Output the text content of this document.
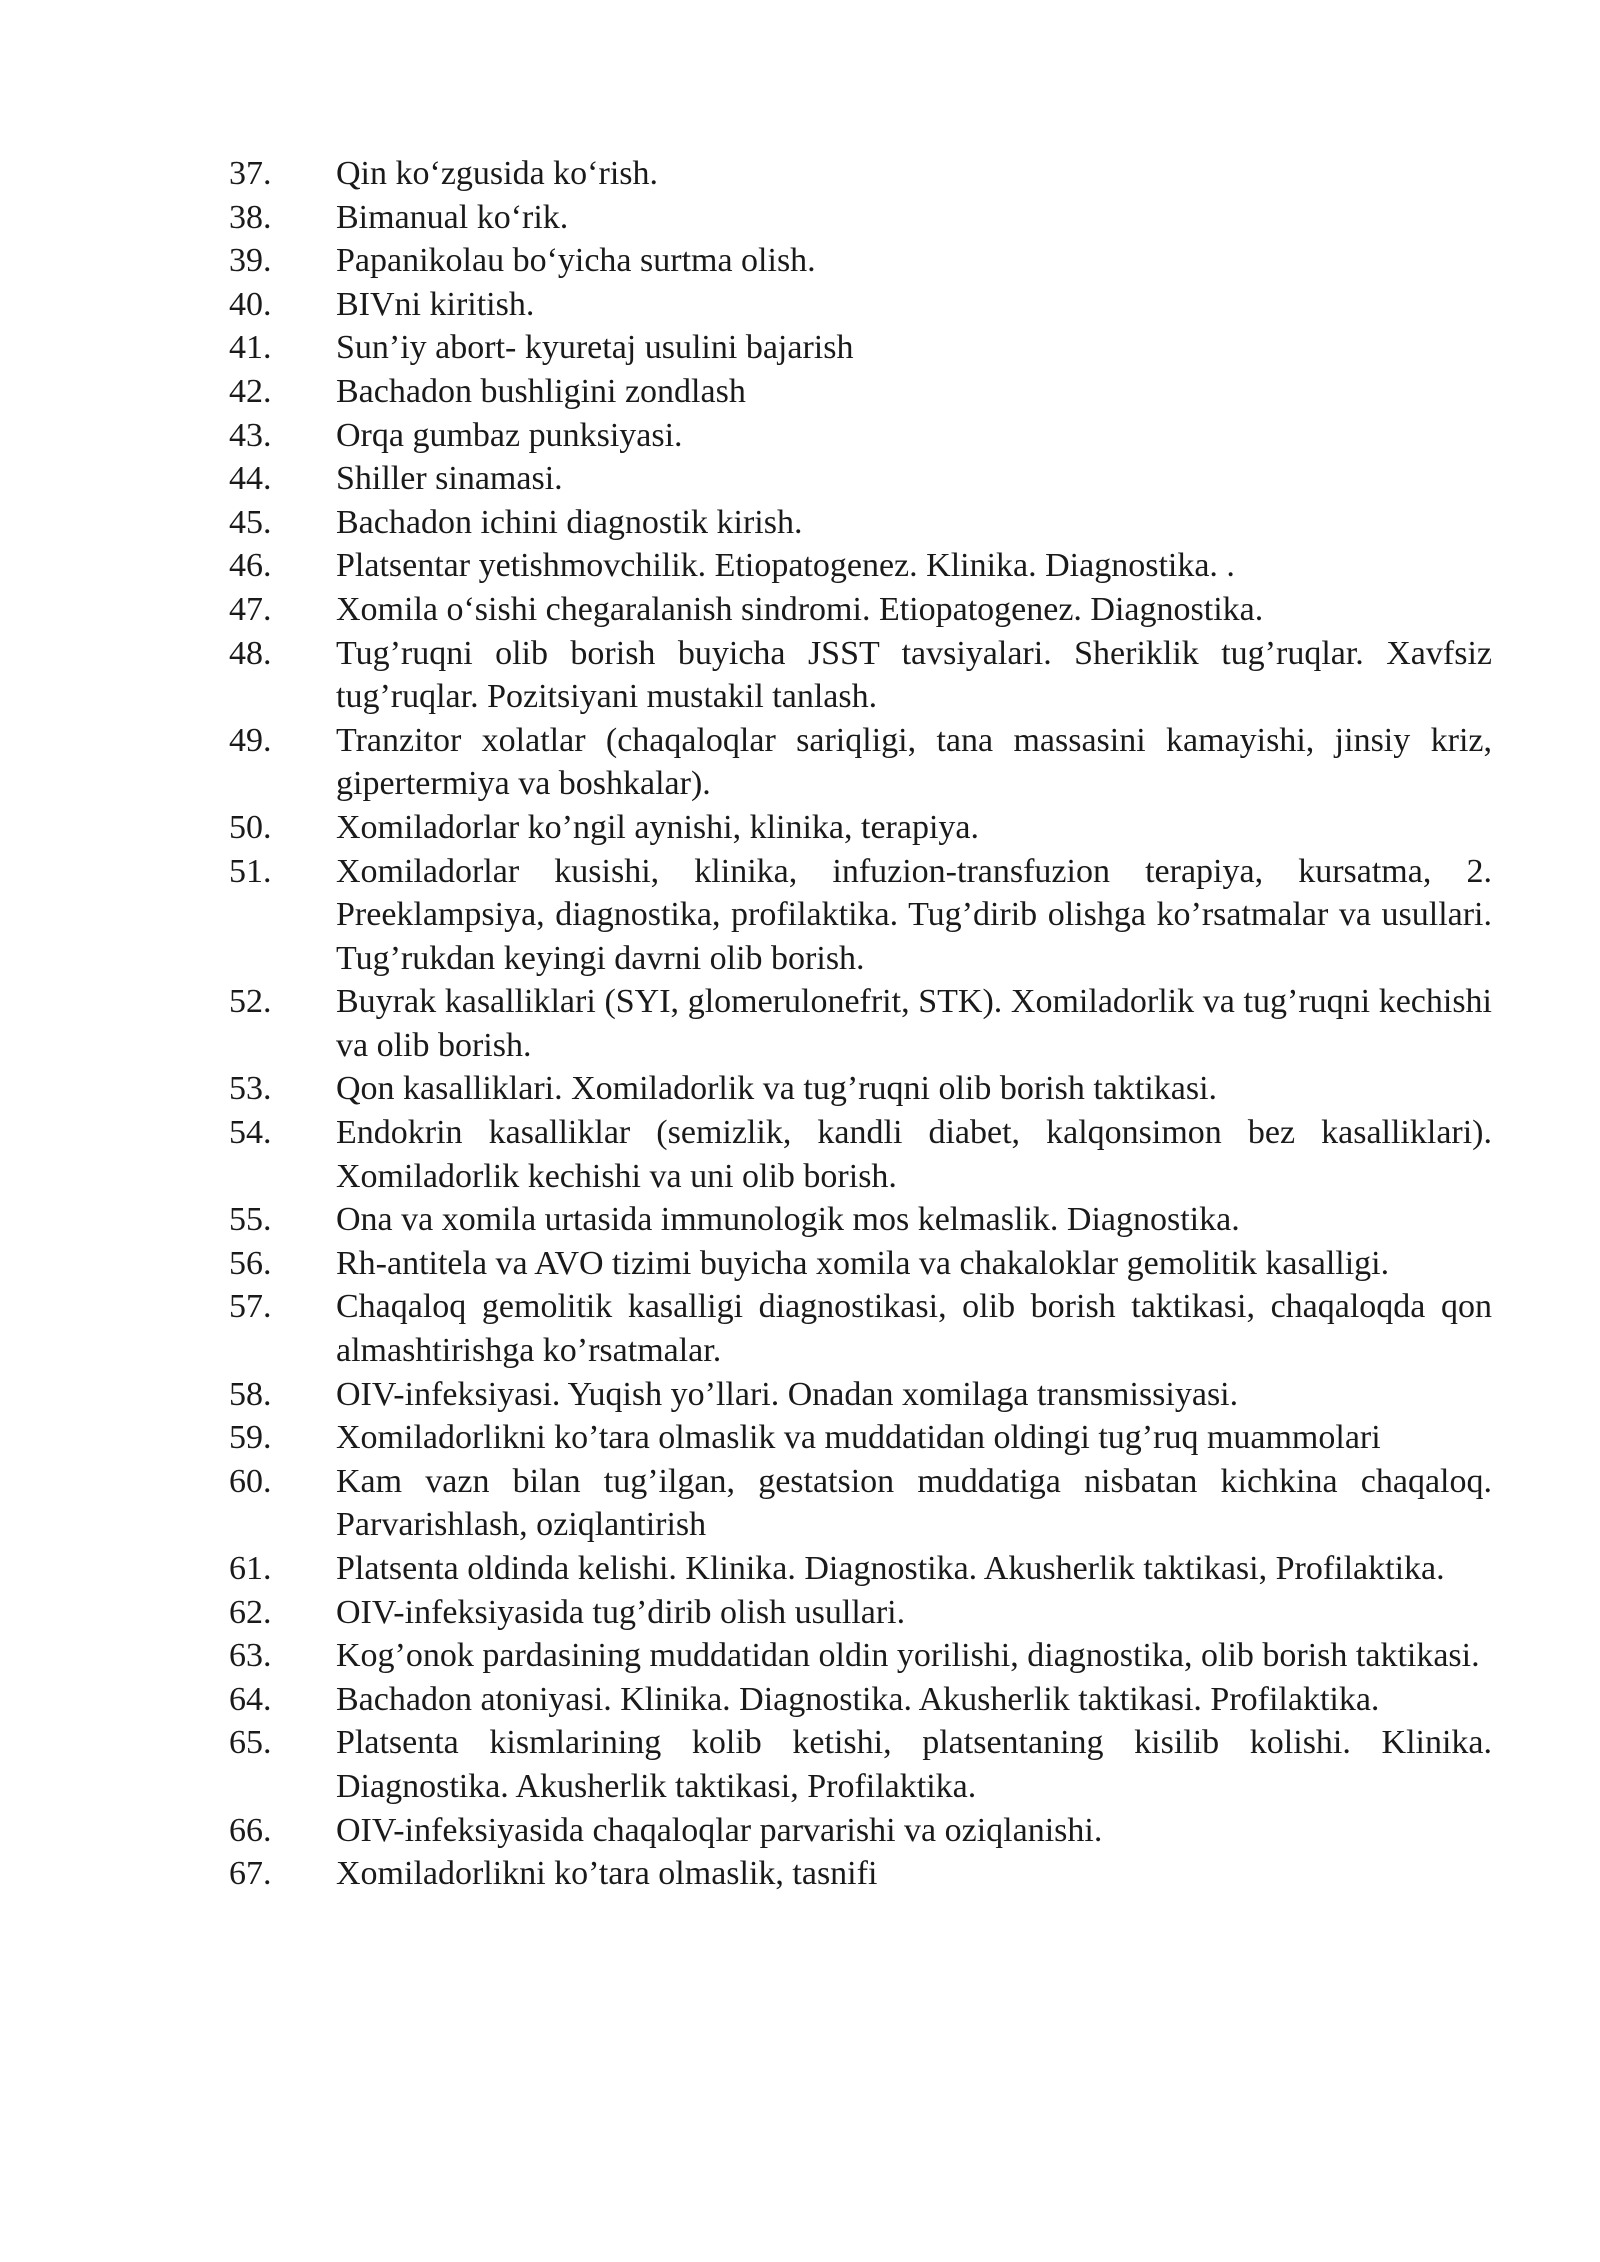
37.	Qin ko‘zgusida ko‘rish.
38.	Bimanual ko‘rik.
39.	Papanikolau bo‘yicha surtma olish.
40.	BIVni kiritish.
41.	Sun’iy abort- kyuretaj usulini bajarish
42.	Bachadon bushligini zondlash
43.	Orqa gumbaz punksiyasi.
44.	Shiller sinamasi.
45.	Bachadon ichini diagnostik kirish.
46.	Platsentar yetishmovchilik. Etiopatogenez. Klinika. Diagnostika. .
47.	Xomila o‘sishi chegaralanish sindromi. Etiopatogenez. Diagnostika.
48.	Tug’ruqni olib borish buyicha JSST tavsiyalari. Sheriklik tug’ruqlar. Xavfsiz tug’ruqlar. Pozitsiyani mustakil tanlash.
49.	Tranzitor xolatlar (chaqaloqlar sariqligi, tana massasini kamayishi, jinsiy kriz, gipertermiya va boshkalar).
50.	Xomiladorlar ko’ngil aynishi, klinika, terapiya.
51.	Xomiladorlar kusishi, klinika, infuzion-transfuzion terapiya, kursatma, 2. Preeklampsiya, diagnostika, profilaktika. Tug’dirib olishga ko’rsatmalar va usullari. Tug’rukdan keyingi davrni olib borish.
52.	Buyrak kasalliklari (SYI, glomerulonefrit, STK). Xomiladorlik va tug’ruqni kechishi va olib borish.
53.	Qon kasalliklari. Xomiladorlik va tug’ruqni olib borish taktikasi.
54.	Endokrin kasalliklar (semizlik, kandli diabet, kalqonsimon bez kasalliklari). Xomiladorlik kechishi va uni olib borish.
55.	Ona va xomila urtasida immunologik mos kelmaslik. Diagnostika.
56.	Rh-antitela va AVO tizimi buyicha xomila va chakaloklar gemolitik kasalligi.
57.	Chaqaloq gemolitik kasalligi diagnostikasi, olib borish taktikasi, chaqaloqda qon almashtirishga ko’rsatmalar.
58.	OIV-infeksiyasi. Yuqish yo’llari. Onadan xomilaga transmissiyasi.
59.	Xomiladorlikni ko’tara olmaslik va muddatidan oldingi tug’ruq muammolari
60.	Kam vazn bilan tug’ilgan, gestatsion muddatiga nisbatan kichkina chaqaloq. Parvarishlash, oziqlantirish
61.	Platsenta oldinda kelishi. Klinika. Diagnostika. Akusherlik taktikasi, Profilaktika.
62.	OIV-infeksiyasida tug’dirib olish usullari.
63.	Kog’onok pardasining muddatidan oldin yorilishi, diagnostika, olib borish taktikasi.
64.	Bachadon atoniyasi. Klinika. Diagnostika. Akusherlik taktikasi. Profilaktika.
65.	Platsenta kismlarining kolib ketishi, platsentaning kisilib kolishi. Klinika. Diagnostika. Akusherlik taktikasi, Profilaktika.
66.	OIV-infeksiyasida chaqaloqlar parvarishi va oziqlanishi.
67.	Xomiladorlikni ko’tara olmaslik, tasnifi
